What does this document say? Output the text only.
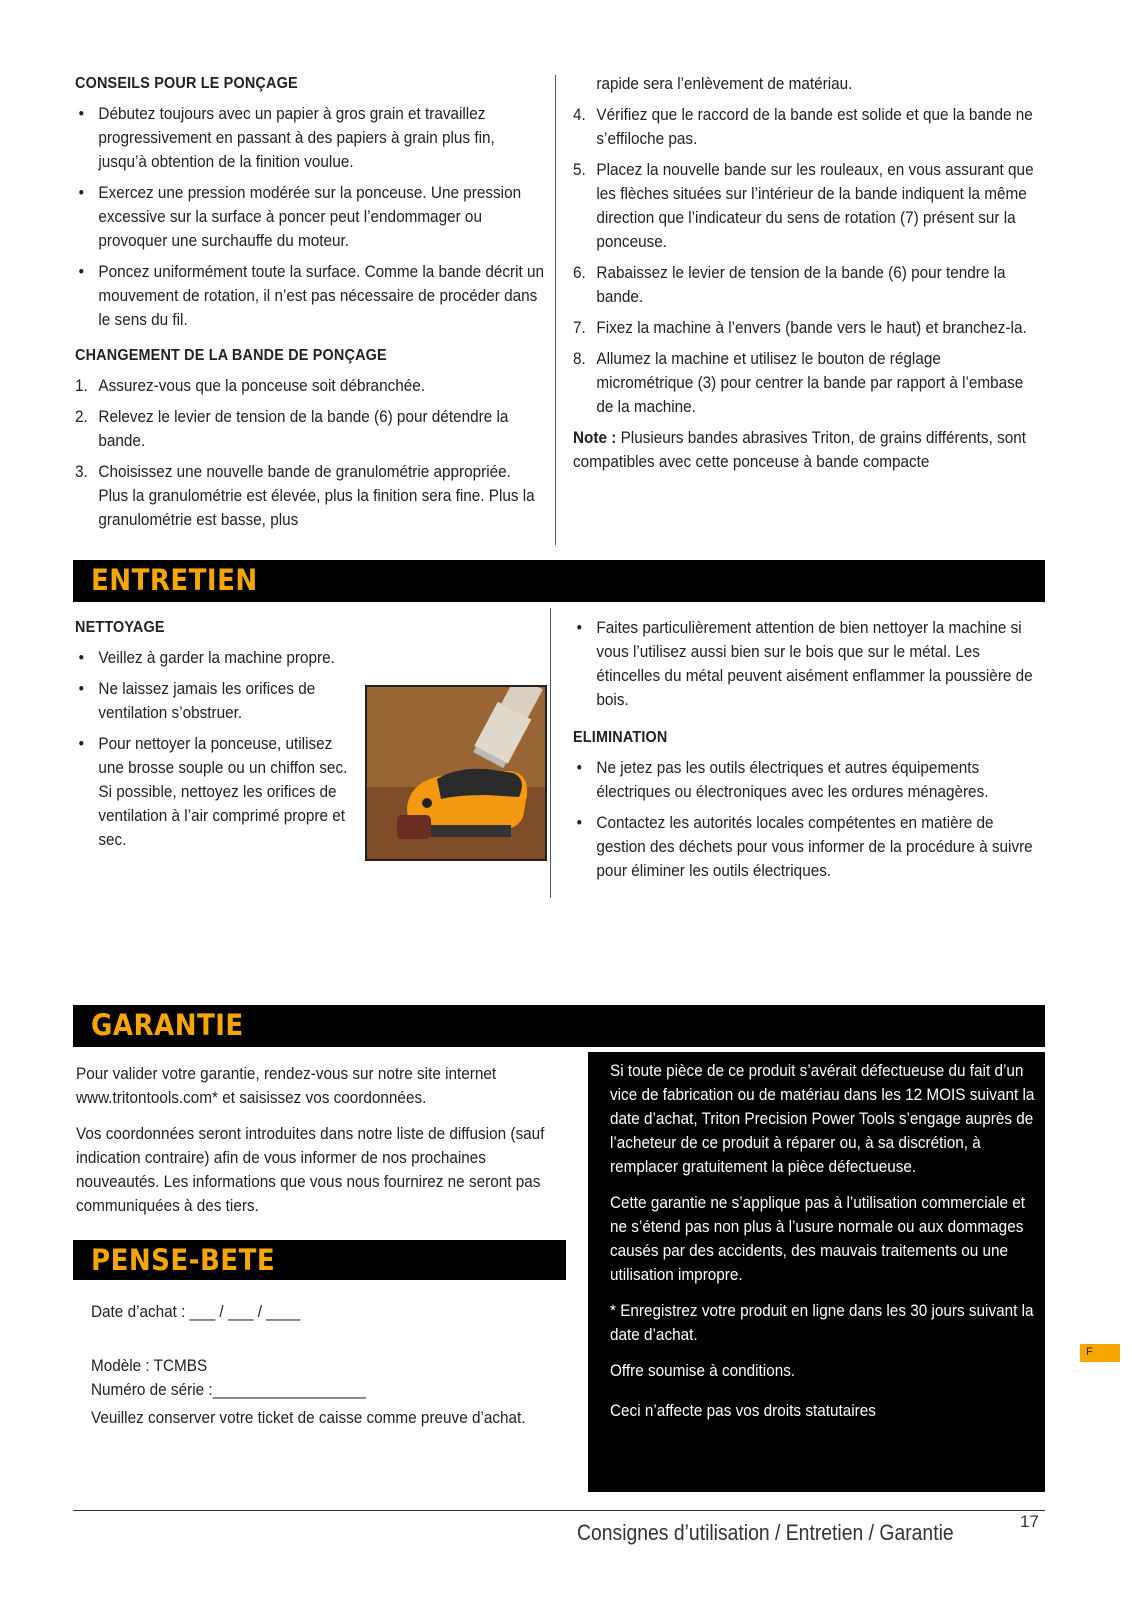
CONSEILS POUR LE PONÇAGE
• Débutez toujours avec un papier à gros grain et travaillez progressivement en passant à des papiers à grain plus fin, jusqu’à obtention de la finition voulue.
• Exercez une pression modérée sur la ponceuse. Une pression excessive sur la surface à poncer peut l’endommager ou provoquer une surchauffe du moteur.
• Poncez uniformément toute la surface. Comme la bande décrit un mouvement de rotation, il n’est pas nécessaire de procéder dans le sens du fil.
CHANGEMENT DE LA BANDE DE PONÇAGE
1. Assurez-vous que la ponceuse soit débranchée.
2. Relevez le levier de tension de la bande (6) pour détendre la bande.
3. Choisissez une nouvelle bande de granulométrie appropriée. Plus la granulométrie est élevée, plus la finition sera fine. Plus la granulométrie est basse, plus
rapide sera l’enlèvement de matériau.
4. Vérifiez que le raccord de la bande est solide et que la bande ne s’effiloche pas.
5. Placez la nouvelle bande sur les rouleaux, en vous assurant que les flèches situées sur l’intérieur de la bande indiquent la même direction que l’indicateur du sens de rotation (7) présent sur la ponceuse.
6. Rabaissez le levier de tension de la bande (6) pour tendre la bande.
7. Fixez la machine à l’envers (bande vers le haut) et branchez-la.
8. Allumez la machine et utilisez le bouton de réglage micrométrique (3) pour centrer la bande par rapport à l’embase de la machine.

Note : Plusieurs bandes abrasives Triton, de grains différents, sont compatibles avec cette ponceuse à bande compacte

ENTRETIEN
NETTOYAGE
• Veillez à garder la machine propre.
• Ne laissez jamais les orifices de ventilation s’obstruer.
• Pour nettoyer la ponceuse, utilisez une brosse souple ou un chiffon sec. Si possible, nettoyez les orifices de ventilation à l’air comprimé propre et sec.
• Faites particulièrement attention de bien nettoyer la machine si vous l’utilisez aussi bien sur le bois que sur le métal. Les étincelles du métal peuvent aisément enflammer la poussière de bois.
ELIMINATION
• Ne jetez pas les outils électriques et autres équipements électriques ou électroniques avec les ordures ménagères.
• Contactez les autorités locales compétentes en matière de gestion des déchets pour vous informer de la procédure à suivre pour éliminer les outils électriques.
GARANTIE

Pour valider votre garantie, rendez-vous sur notre site internet www.tritontools.com* et saisissez vos coordonnées.

Vos coordonnées seront introduites dans notre liste de diffusion (sauf indication contraire) afin de vous informer de nos prochaines nouveautés. Les informations que vous nous fournirez ne seront pas communiquées à des tiers.

Si toute pièce de ce produit s’avérait défectueuse du fait d’un vice de fabrication ou de matériau dans les 12 MOIS suivant la date d’achat, Triton Precision Power Tools s’engage auprès de l’acheteur de ce produit à réparer ou, à sa discrétion, à remplacer gratuitement la pièce défectueuse.

Cette garantie ne s’applique pas à l’utilisation commerciale et ne s’étend pas non plus à l’usure normale ou aux dommages causés par des accidents, des mauvais traitements ou une utilisation impropre.

* Enregistrez votre produit en ligne dans les 30 jours suivant la date d’achat.

Offre soumise à conditions.

Ceci n’affecte pas vos droits statutaires

PENSE-BETE
Date d’achat : ___ / ___ / ____
Modèle : TCMBS
Numéro de série :__________________
Veuillez conserver votre ticket de caisse comme preuve d’achat.
F
Consignes d’utilisation / Entretien / Garantie	17
